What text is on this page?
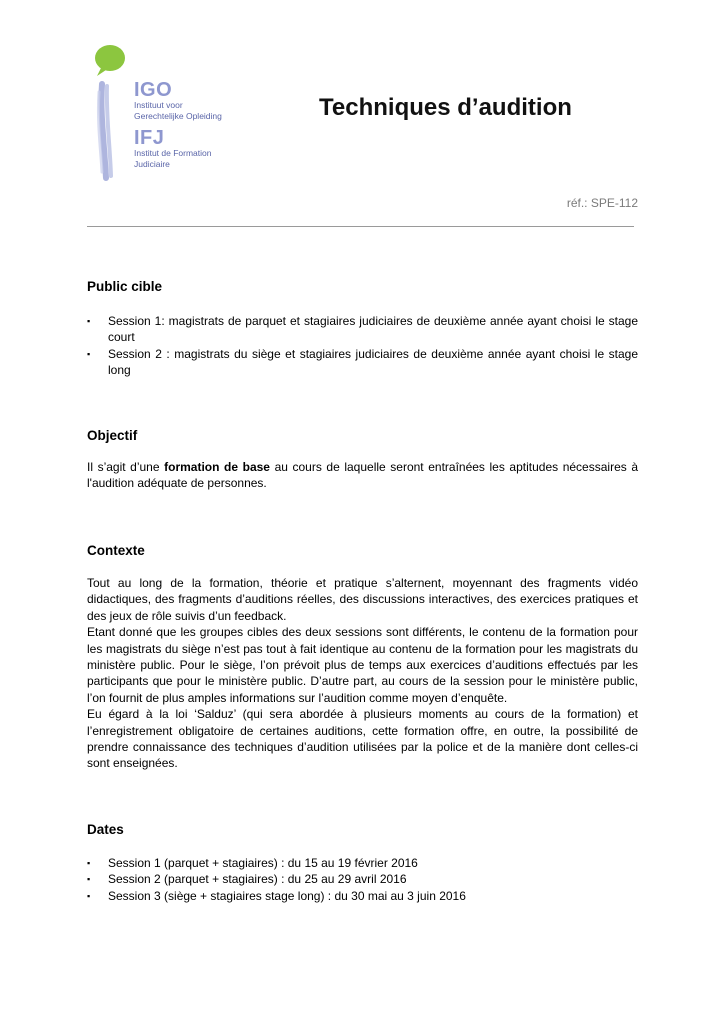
IGO
Instituut voor
Gerechtelijke Opleiding
IFJ
Institut de Formation
Judiciaire
Techniques d’audition
réf.: SPE-112
Public cible
▪ Session 1: magistrats de parquet et stagiaires judiciaires de deuxième année ayant choisi le stage court
▪ Session 2 : magistrats du siège et stagiaires judiciaires de deuxième année ayant choisi le stage long
Objectif

Il s’agit d’une formation de base au cours de laquelle seront entraînées les aptitudes nécessaires à l'audition adéquate de personnes.

Contexte

Tout au long de la formation, théorie et pratique s’alternent, moyennant des fragments vidéo didactiques, des fragments d’auditions réelles, des discussions interactives, des exercices pratiques et des jeux de rôle suivis d’un feedback.

Etant donné que les groupes cibles des deux sessions sont différents, le contenu de la formation pour les magistrats du siège n’est pas tout à fait identique au contenu de la formation pour les magistrats du ministère public. Pour le siège, l’on prévoit plus de temps aux exercices d’auditions effectués par les participants que pour le ministère public. D’autre part, au cours de la session pour le ministère public, l’on fournit de plus amples informations sur l’audition comme moyen d’enquête.

Eu égard à la loi ‘Salduz’ (qui sera abordée à plusieurs moments au cours de la formation) et l’enregistrement obligatoire de certaines auditions, cette formation offre, en outre, la possibilité de prendre connaissance des techniques d’audition utilisées par la police et de la manière dont celles-ci sont enseignées.

Dates
▪ Session 1 (parquet + stagiaires) : du 15 au 19 février 2016
▪ Session 2 (parquet + stagiaires) : du 25 au 29 avril 2016
▪ Session 3 (siège + stagiaires stage long) : du 30 mai au 3 juin 2016
